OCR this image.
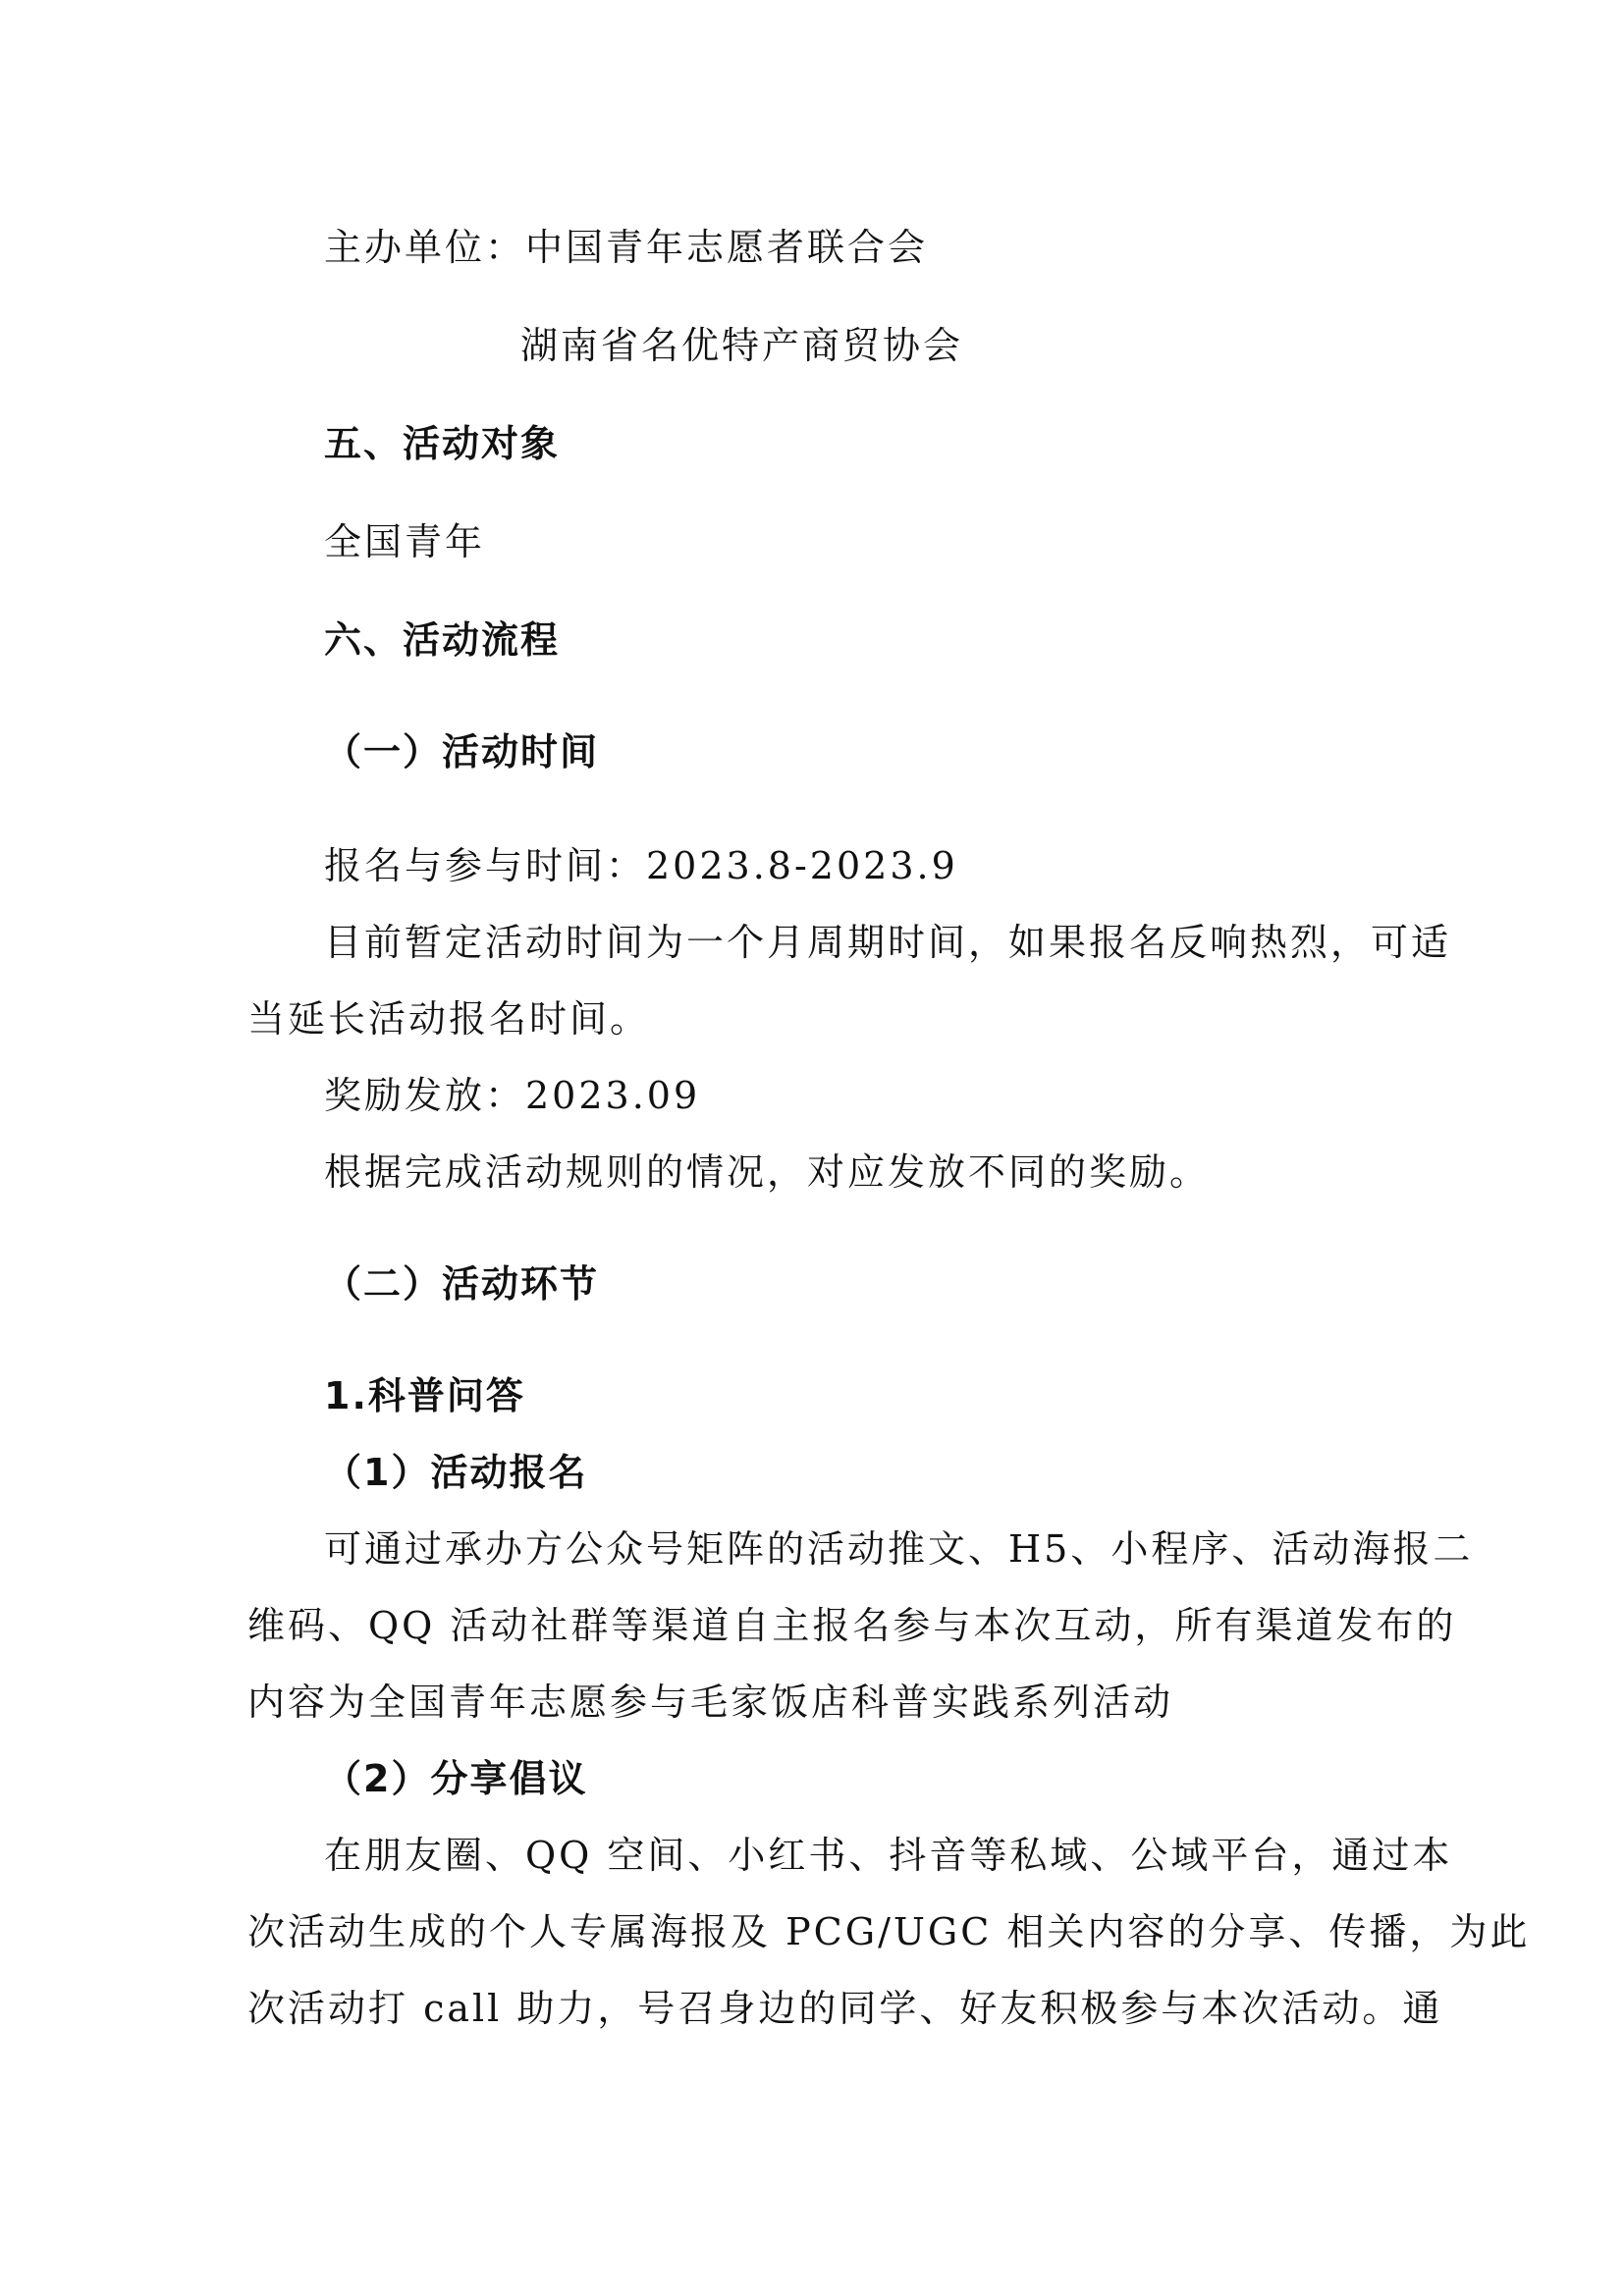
主办单位：中国青年志愿者联合会
湖南省名优特产商贸协会
五、活动对象
全国青年
六、活动流程
（一）活动时间
报名与参与时间：2023.8-2023.9
目前暂定活动时间为一个月周期时间，如果报名反响热烈，可适
当延长活动报名时间。
奖励发放：2023.09
根据完成活动规则的情况，对应发放不同的奖励。
（二）活动环节
1.科普问答
（1）活动报名
可通过承办方公众号矩阵的活动推文、H5、小程序、活动海报二
维码、QQ 活动社群等渠道自主报名参与本次互动，所有渠道发布的
内容为全国青年志愿参与毛家饭店科普实践系列活动
（2）分享倡议
在朋友圈、QQ 空间、小红书、抖音等私域、公域平台，通过本
次活动生成的个人专属海报及 PCG/UGC 相关内容的分享、传播，为此
次活动打 call 助力，号召身边的同学、好友积极参与本次活动。通
